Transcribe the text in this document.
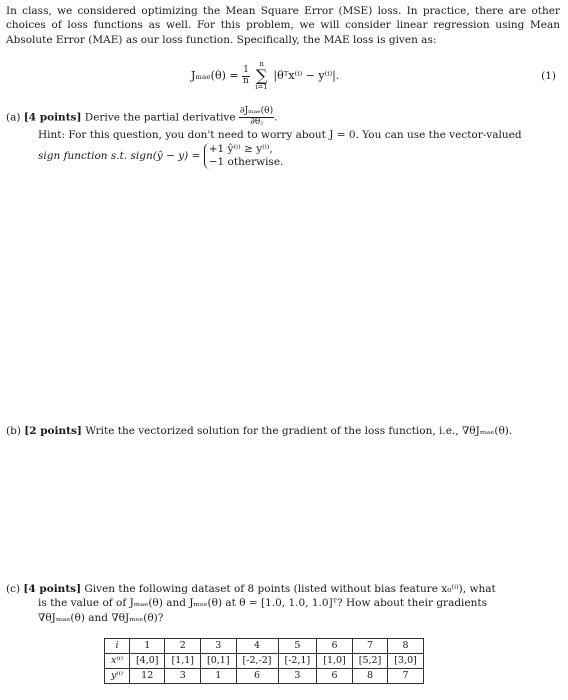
In class, we considered optimizing the Mean Square Error (MSE) loss. In practice, there are other choices of loss functions as well. For this problem, we will consider linear regression using Mean Absolute Error (MAE) as our loss function. Specifically, the MAE loss is given as:

$J_{mae}(\theta) = \frac{1}{n}$
n
∑
i=1 |θᵀx⁽ⁱ⁾ − y⁽ⁱ⁾|.	(1)
(a) [4 points] Derive the partial derivative $\frac{\text{∂Jₘₐₑ(θ)}}{\text{∂θⱼ}}$ .
Hint: For this question, you don't need to worry about J = 0. You can use the vector-valued
sign function s.t. sign(ŷ − y) =
+1 ŷ⁽ⁱ⁾ ≥ y⁽ⁱ⁾,
−1 otherwise.
(b) [2 points] Write the vectorized solution for the gradient of the loss function, i.e., ∇θJₘₐₑ(θ).
(c) [4 points] Given the following dataset of 8 points (listed without bias feature x₀⁽ⁱ⁾), what
is the value of of Jₘₐₑ(θ) and Jₘₛₑ(θ) at θ = [1.0, 1.0, 1.0]ᵀ? How about their gradients
∇θJₘₐₑ(θ) and ∇θJₘₛₑ(θ)?
i	1	2	3	4	5	6	7	8
x⁽ⁱ⁾	[4,0]	[1,1]	[0,1]	[-2,-2]	[-2,1]	[1,0]	[5,2]	[3,0]
y⁽ⁱ⁾	12	3	1	6	3	6	8	7
